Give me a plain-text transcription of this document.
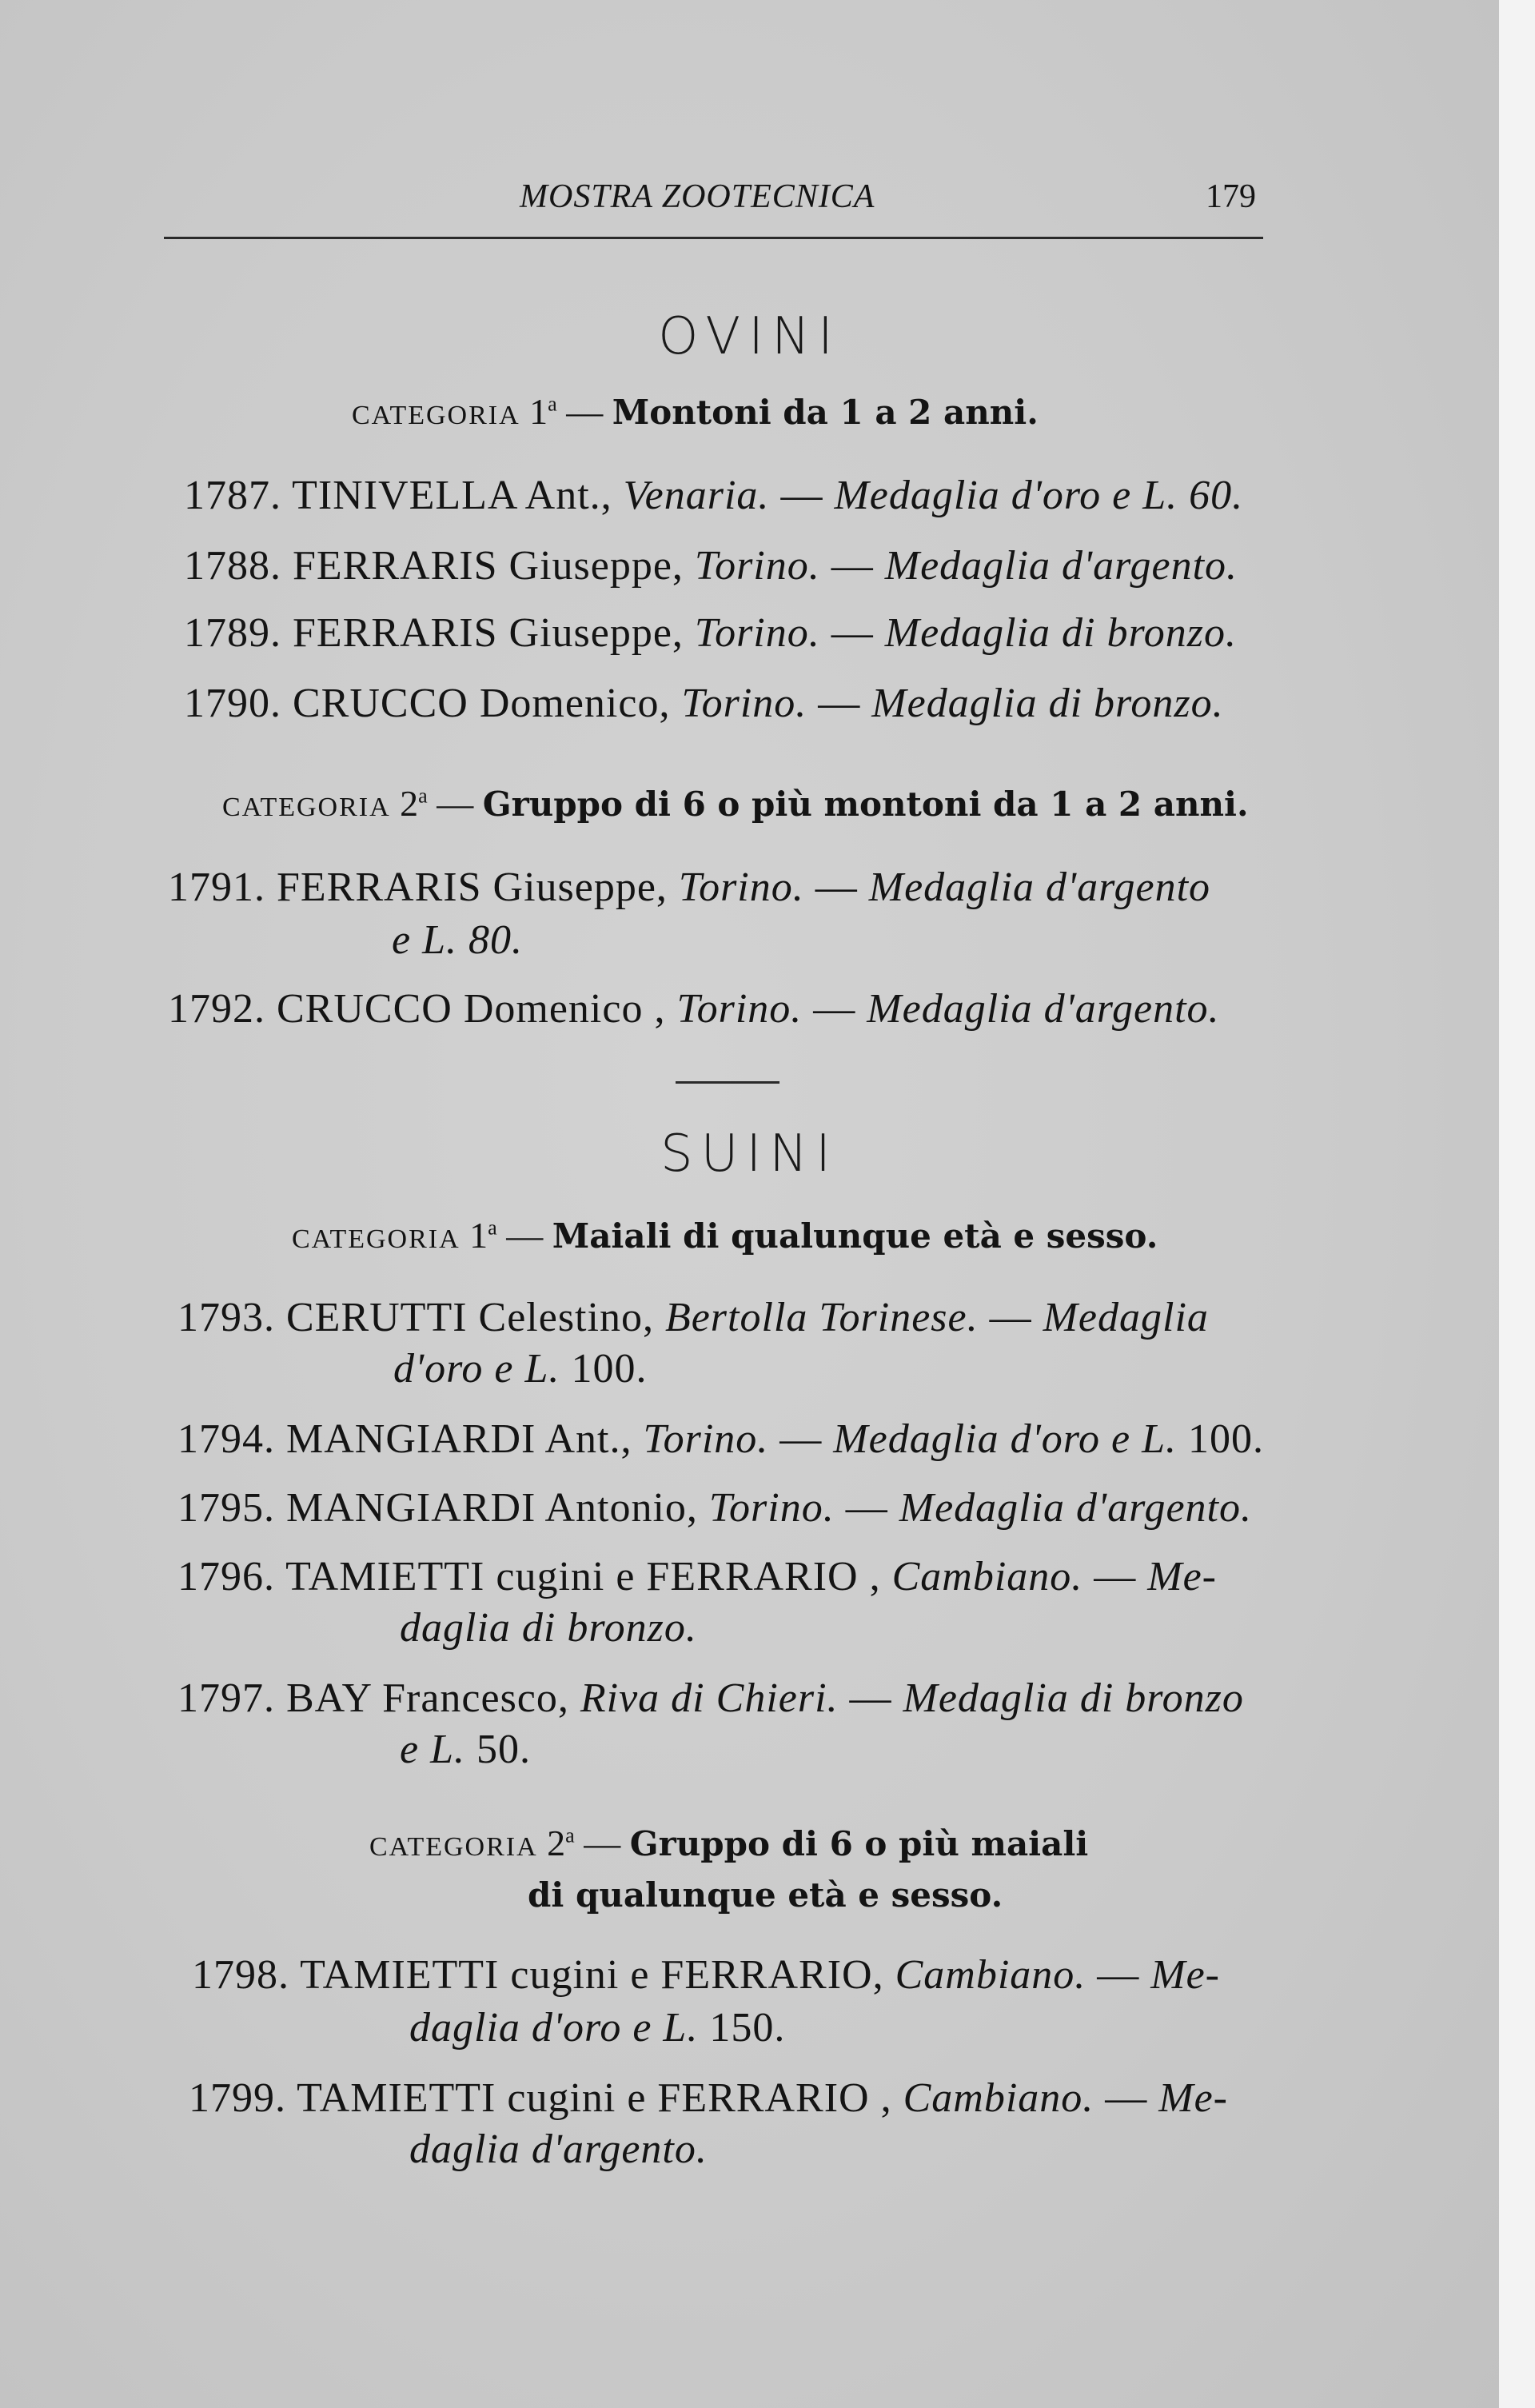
MOSTRA ZOOTECNICA	179
OVINI
CATEGORIA 1$^a$ — Montoni da 1 a 2 anni.
1787. TINIVELLA Ant., Venaria. — Medaglia d'oro e L. 60.
1788. FERRARIS Giuseppe, Torino. — Medaglia d'argento.
1789. FERRARIS Giuseppe, Torino. — Medaglia di bronzo.
1790. CRUCCO Domenico, Torino. — Medaglia di bronzo.
CATEGORIA 2$^a$ — Gruppo di 6 o più montoni da 1 a 2 anni.
1791. FERRARIS Giuseppe, Torino. — Medaglia d'argento
e L. 80.
1792. CRUCCO Domenico , Torino. — Medaglia d'argento.
SUINI
CATEGORIA 1$^a$ — Maiali di qualunque età e sesso.
1793. CERUTTI Celestino, Bertolla Torinese. — Medaglia
d'oro e L. 100.
1794. MANGIARDI Ant., Torino. — Medaglia d'oro e L. 100.
1795. MANGIARDI Antonio, Torino. — Medaglia d'argento.
1796. TAMIETTI cugini e FERRARIO , Cambiano. — Me-
daglia di bronzo.
1797. BAY Francesco, Riva di Chieri. — Medaglia di bronzo
e L. 50.
CATEGORIA 2$^a$ — Gruppo di 6 o più maiali
di qualunque età e sesso.
1798. TAMIETTI cugini e FERRARIO, Cambiano. — Me-
daglia d'oro e L. 150.
1799. TAMIETTI cugini e FERRARIO , Cambiano. — Me-
daglia d'argento.
